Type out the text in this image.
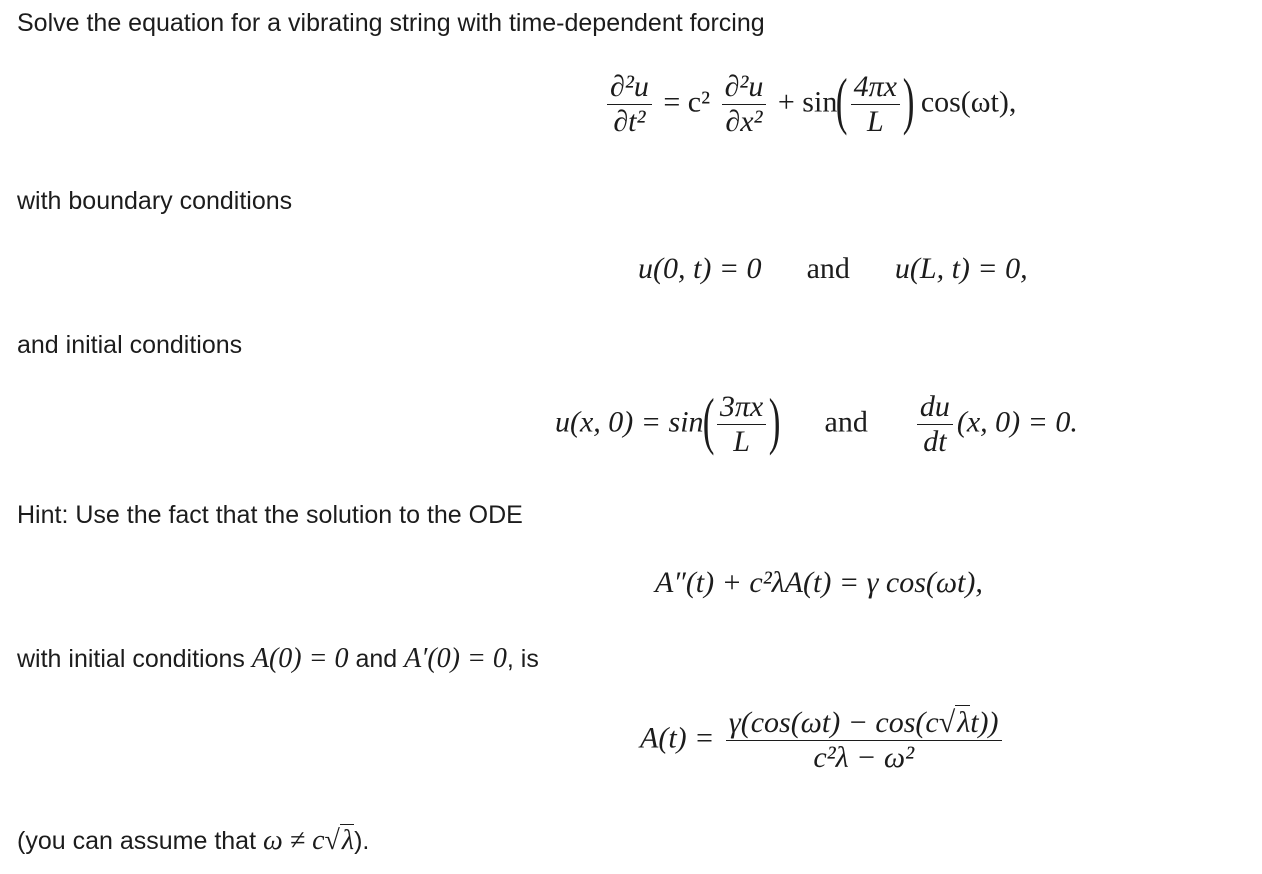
Solve the equation for a vibrating string with time-dependent forcing
$\frac{\text{∂²u}}{\text{∂t²}} = c^2 \frac{\text{∂²u}}{\text{∂x²}} + \sin( \frac{4\pi x}{L}$ ) cos(ωt),
with boundary conditions
u(0, t) = 0 and u(L, t) = 0,
and initial conditions
u(x, $0) = \sin( \frac{3\pi x}{L}$ ) and $\frac{du}{dt} (x$, 0) = 0.
Hint: Use the fact that the solution to the ODE
A″(t) + c²λA(t) = γ cos(ωt),
with initial conditions A(0) = 0 and A′(0) = 0, is
$A(t) = \frac{\gamma(\cos(\omega t) - \cos(c√\lambda t))}{\text{c²λ − ω²}}$
(you can assume that ω ≠ c√λ).
